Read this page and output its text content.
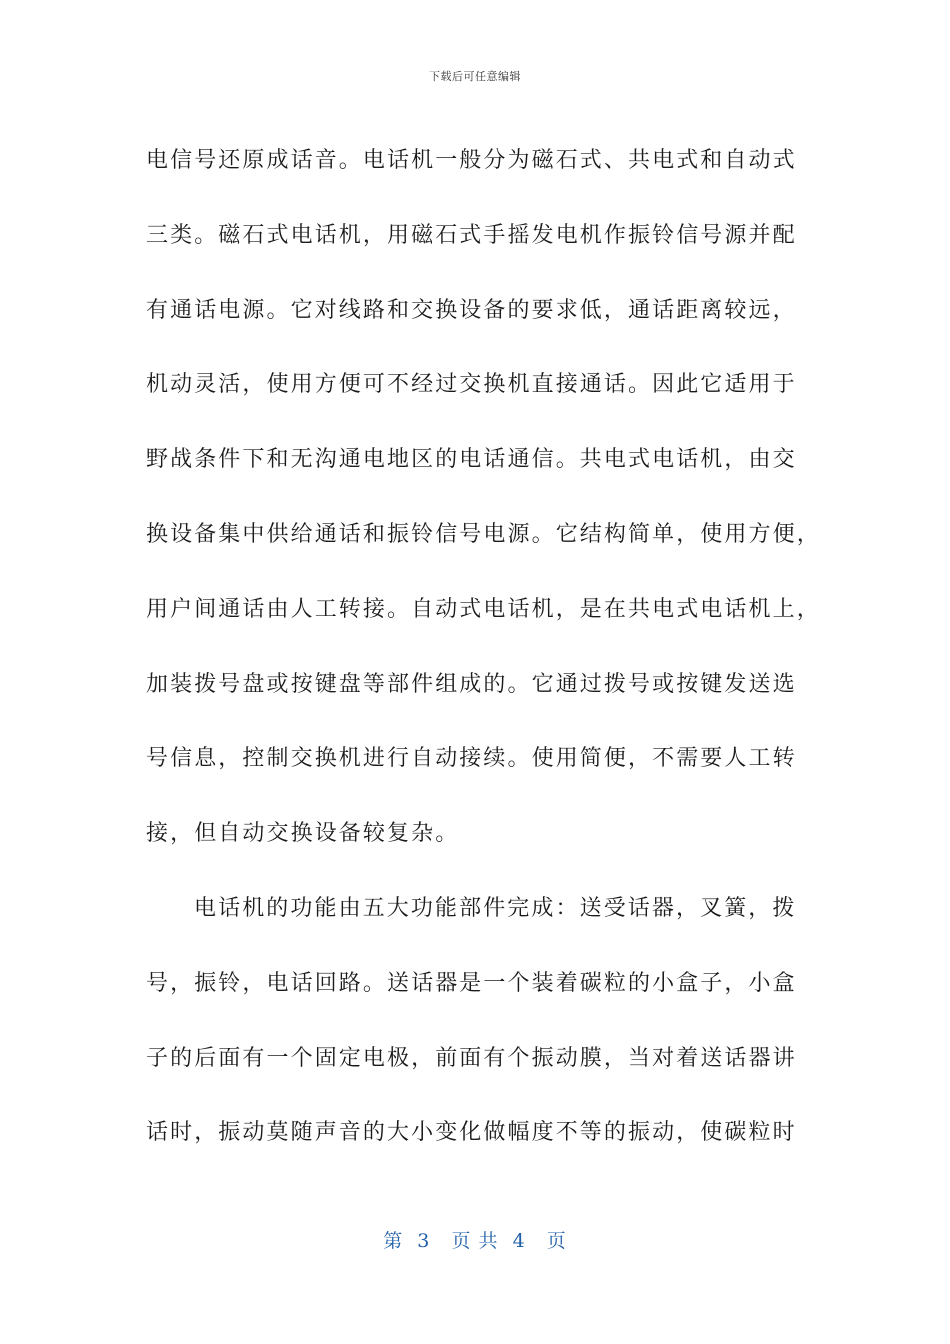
下载后可任意编辑
电信号还原成话音。电话机一般分为磁石式、共电式和自动式
三类。磁石式电话机，用磁石式手摇发电机作振铃信号源并配
有通话电源。它对线路和交换设备的要求低，通话距离较远，
机动灵活，使用方便可不经过交换机直接通话。因此它适用于
野战条件下和无沟通电地区的电话通信。共电式电话机，由交
换设备集中供给通话和振铃信号电源。它结构简单，使用方便，
用户间通话由人工转接。自动式电话机，是在共电式电话机上，
加装拨号盘或按键盘等部件组成的。它通过拨号或按键发送选
号信息，控制交换机进行自动接续。使用简便，不需要人工转
接，但自动交换设备较复杂。
电话机的功能由五大功能部件完成：送受话器，叉簧，拨
号，振铃，电话回路。送话器是一个装着碳粒的小盒子，小盒
子的后面有一个固定电极，前面有个振动膜，当对着送话器讲
话时，振动莫随声音的大小变化做幅度不等的振动，使碳粒时
第  3   页 共  4   页
